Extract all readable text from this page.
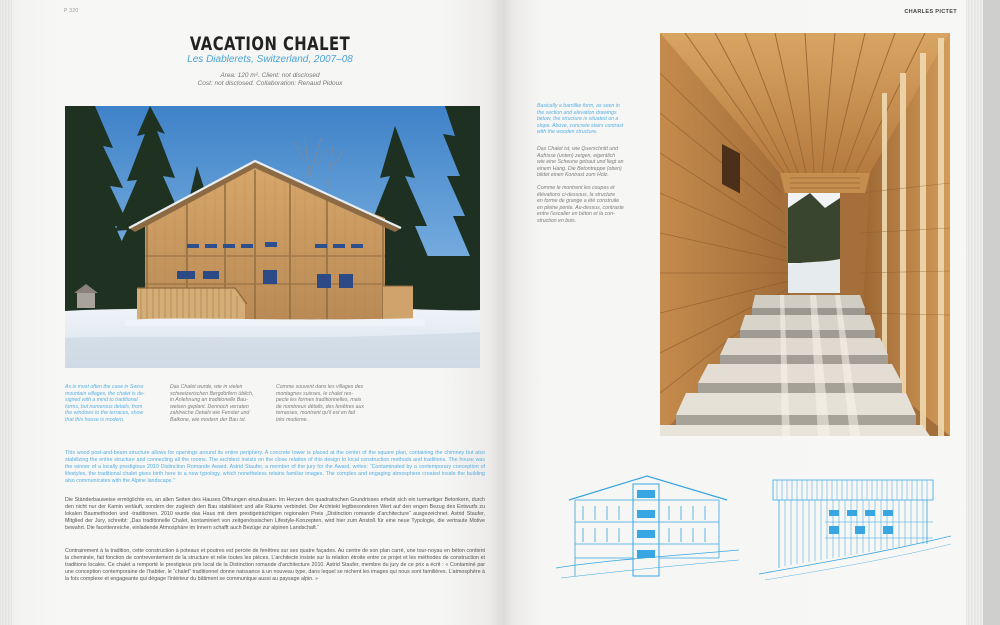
P 320
VACATION CHALET
Les Diablerets, Switzerland, 2007–08
Area: 120 m². Client: not disclosed
Cost: not disclosed. Collaboration: Renaud Pidoux
As is most often the case in Swiss
mountain villages, the chalet is de-
signed with a mind to traditional
forms, but numerous details, from
the windows to the terraces, show
that this house is modern.
Das Chalet wurde, wie in vielen
schweizerischen Bergdörfern üblich,
in Anlehnung an traditionelle Bau-
weisen geplant. Dennoch verraten
zahlreiche Details wie Fenster und
Balkone, wie modern der Bau ist.
Comme souvent dans les villages des
montagnes suisses, le chalet res-
pecte les formes traditionnelles, mais
de nombreux détails, des fenêtres aux
terrasses, montrent qu'il est en fait
très moderne.
This wood post-and-beam structure allows for openings around its entire periphery. A concrete tower is placed at the center of the square plan, containing the chimney but also stabilizing the entire structure and connecting all the rooms. The architect insists on the close relation of this design to local construction methods and traditions. The house was the winner of a locally prestigious 2010 Distinction Romande Award. Astrid Staufer, a member of the jury for the Award, writes: “Contaminated by a contemporary conception of lifestyles, the traditional chalet gives birth here to a new typology, which nonetheless retains familiar images. The complex and engaging atmosphere created inside the building also communicates with the Alpine landscape.”
Die Ständerbauweise ermöglichte es, an allen Seiten des Hauses Öffnungen einzubauen. Im Herzen des quadratischen Grundrisses erhebt sich ein turmartiger Betonkern, durch den nicht nur der Kamin verläuft, sondern der zugleich den Bau stabilisiert und alle Räume verbindet. Der Architekt legtbesonderen Wert auf den engen Bezug des Entwurfs zu lokalen Baumethoden und -traditionen. 2010 wurde das Haus mit dem prestigeträchtigen regionalen Preis „Distinction romande d'architecture“ ausgezeichnet. Astrid Staufer, Mitglied der Jury, schreibt: „Das traditionelle Chalet, kontaminiert von zeitgenössischen Lifestyle-Konzepten, wird hier zum Anstoß für eine neue Typologie, die vertraute Motive bewahrt. Die facettenreiche, einladende Atmosphäre im Innern schafft auch Bezüge zur alpinen Landschaft.“
Contrairement à la tradition, cette construction à poteaux et poutres est percée de fenêtres sur ses quatre façades. Au centre de son plan carré, une tour-noyau en béton contient la cheminée, fait fonction de contreventement de la structure et relie toutes les pièces. L'architecte insiste sur la relation étroite entre ce projet et les méthodes de construction et traditions locales. Ce chalet a remporté le prestigieux prix local de la Distinction romande d'architecture 2010. Astrid Staufer, membre du jury de ce prix a écrit : « Contaminé par une conception contemporaine de l'habiter, le “chalet” traditionnel donne naissance à un nouveau type, dans lequel se nichent les images qui nous sont familières. L'atmosphère à la fois complexe et engageante qui dégage l'intérieur du bâtiment se communique aussi au paysage alpin. »
CHARLES PICTET
Basically a barnlike form, as seen in
the section and elevation drawings
below, the structure is situated on a
slope. Above, concrete stairs contrast
with the wooden structure.
Das Chalet ist, wie Querschnitt und
Aufrisse (unten) zeigen, eigentlich
wie eine Scheune gebaut und liegt an
einem Hang. Die Betontreppe (oben)
bildet einen Kontrast zum Holz.
Comme le montrent les coupes et
élévations ci-dessous, la structure
en forme de grange a été construite
en pleine pente. Au-dessus, contraste
entre l'escalier en béton et la con-
struction en bois.
